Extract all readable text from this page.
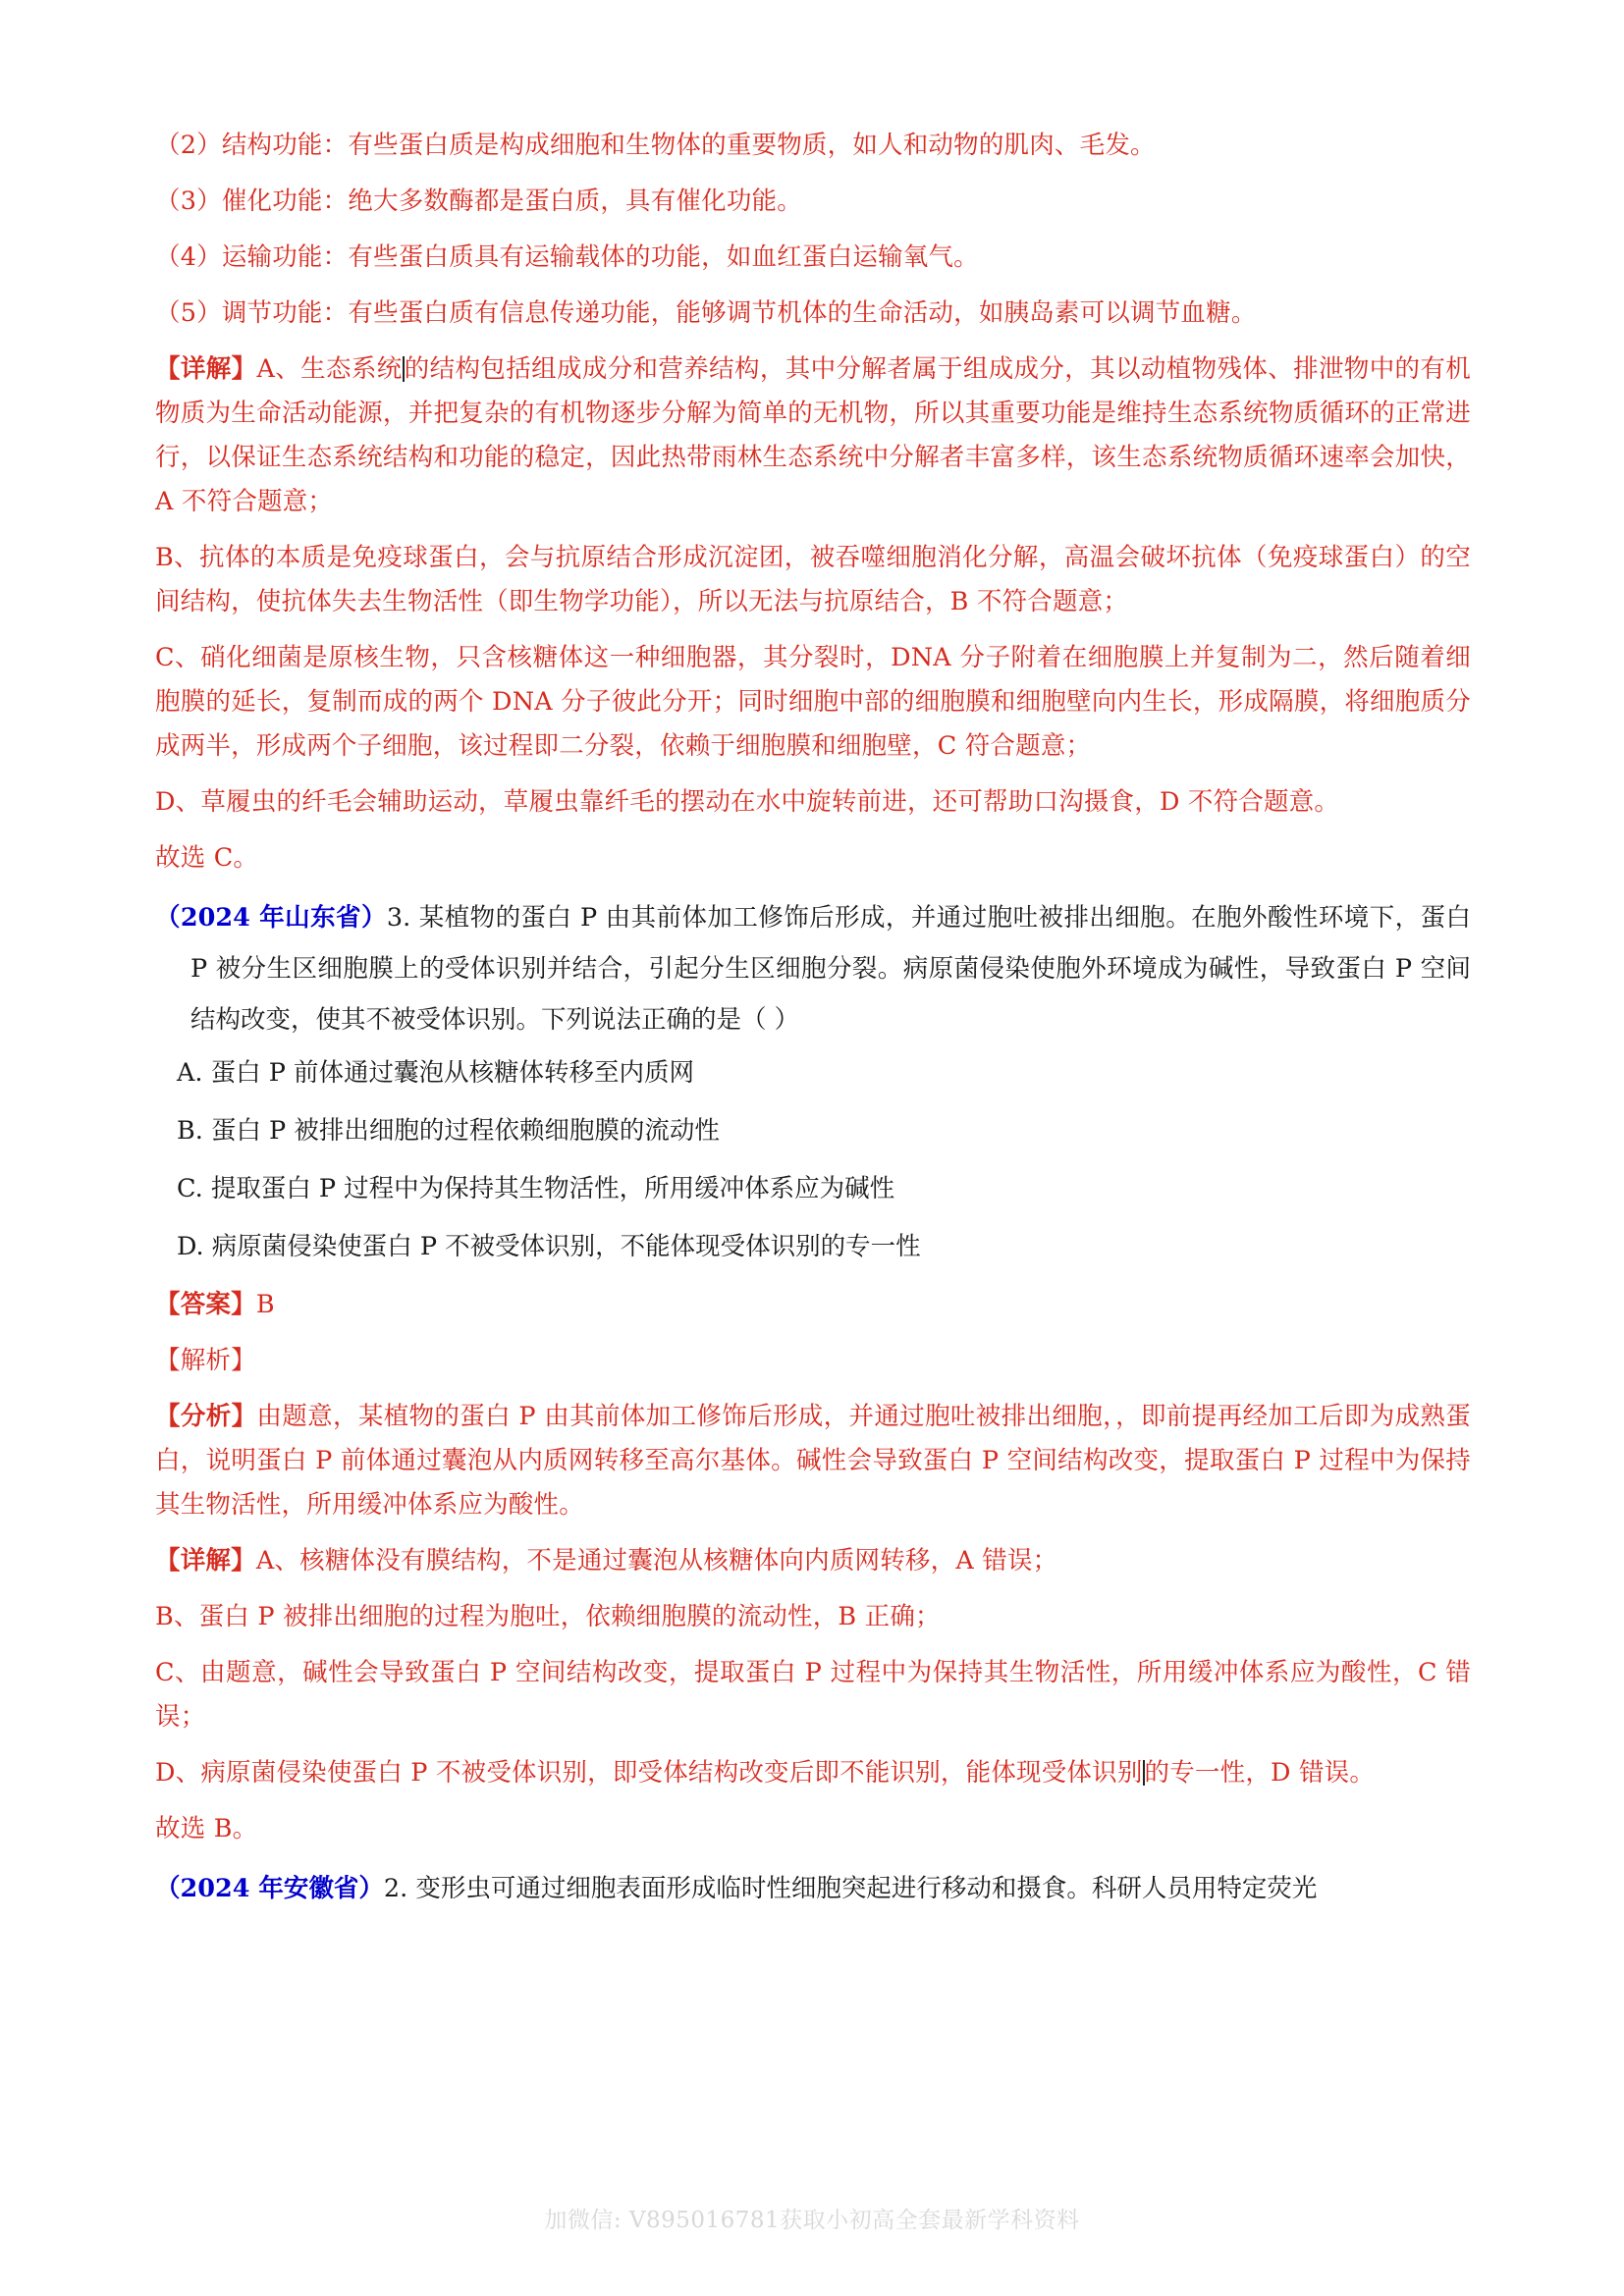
（2）结构功能：有些蛋白质是构成细胞和生物体的重要物质，如人和动物的肌肉、毛发。

（3）催化功能：绝大多数酶都是蛋白质，具有催化功能。

（4）运输功能：有些蛋白质具有运输载体的功能，如血红蛋白运输氧气。

（5）调节功能：有些蛋白质有信息传递功能，能够调节机体的生命活动，如胰岛素可以调节血糖。

【详解】A、生态系统的结构包括组成成分和营养结构，其中分解者属于组成成分，其以动植物残体、排泄物中的有机物质为生命活动能源，并把复杂的有机物逐步分解为简单的无机物，所以其重要功能是维持生态系统物质循环的正常进行，以保证生态系统结构和功能的稳定，因此热带雨林生态系统中分解者丰富多样，该生态系统物质循环速率会加快，A 不符合题意；

B、抗体的本质是免疫球蛋白，会与抗原结合形成沉淀团，被吞噬细胞消化分解，高温会破坏抗体（免疫球蛋白）的空间结构，使抗体失去生物活性（即生物学功能），所以无法与抗原结合，B 不符合题意；

C、硝化细菌是原核生物，只含核糖体这一种细胞器，其分裂时，DNA 分子附着在细胞膜上并复制为二，然后随着细胞膜的延长，复制而成的两个 DNA 分子彼此分开；同时细胞中部的细胞膜和细胞壁向内生长，形成隔膜，将细胞质分成两半，形成两个子细胞，该过程即二分裂，依赖于细胞膜和细胞壁，C 符合题意；

D、草履虫的纤毛会辅助运动，草履虫靠纤毛的摆动在水中旋转前进，还可帮助口沟摄食，D 不符合题意。

故选 C。

（2024 年山东省）3. 某植物的蛋白 P 由其前体加工修饰后形成，并通过胞吐被排出细胞。在胞外酸性环境下，蛋白 P 被分生区细胞膜上的受体识别并结合，引起分生区细胞分裂。病原菌侵染使胞外环境成为碱性，导致蛋白 P 空间结构改变，使其不被受体识别。下列说法正确的是（ ）

A. 蛋白 P 前体通过囊泡从核糖体转移至内质网

B. 蛋白 P 被排出细胞的过程依赖细胞膜的流动性

C. 提取蛋白 P 过程中为保持其生物活性，所用缓冲体系应为碱性

D. 病原菌侵染使蛋白 P 不被受体识别，不能体现受体识别的专一性

【答案】B

【解析】

【分析】由题意，某植物的蛋白 P 由其前体加工修饰后形成，并通过胞吐被排出细胞，，即前提再经加工后即为成熟蛋白，说明蛋白 P 前体通过囊泡从内质网转移至高尔基体。碱性会导致蛋白 P 空间结构改变，提取蛋白 P 过程中为保持其生物活性，所用缓冲体系应为酸性。

【详解】A、核糖体没有膜结构，不是通过囊泡从核糖体向内质网转移，A 错误；

B、蛋白 P 被排出细胞的过程为胞吐，依赖细胞膜的流动性，B 正确；

C、由题意，碱性会导致蛋白 P 空间结构改变，提取蛋白 P 过程中为保持其生物活性，所用缓冲体系应为酸性，C 错误；

D、病原菌侵染使蛋白 P 不被受体识别，即受体结构改变后即不能识别，能体现受体识别的专一性，D 错误。

故选 B。

（2024 年安徽省）2. 变形虫可通过细胞表面形成临时性细胞突起进行移动和摄食。科研人员用特定荧光

加微信: V895016781获取小初高全套最新学科资料
